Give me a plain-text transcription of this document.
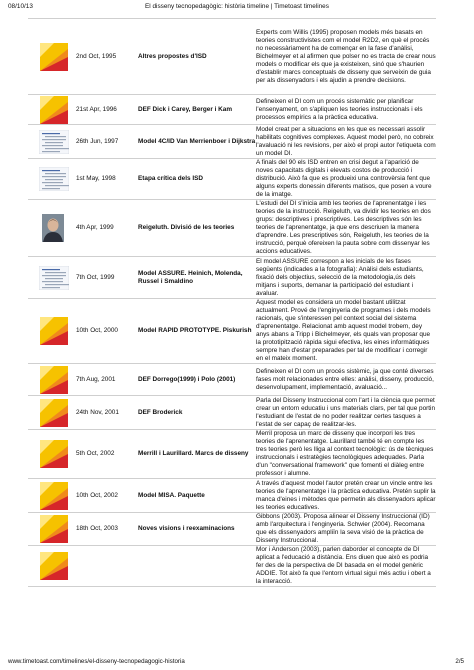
08/10/13	El disseny tecnopedagògic: història timeline | Timetoast timelines
	2nd Oct, 1995	Altres propostes d'ISD	Experts com Willis (1995) proposen models més basats en teories constructivistes com el model R2D2, en què el procés no necessàriament ha de començar en la fase d'anàlisi, Bichelmeyer et al afirmen que polser no es tracta de crear nous models o modificar els que ja existeixen, sinó que s'haurien d'establir marcs conceptuals de disseny que serveixin de guia per als dissenyadors i els ajudin a prendre decisions.

	21st Apr, 1996	DEF Dick i Carey, Berger i Kam	Defineixen el DI com un procés sistemàtic per planificar l'ensenyament, on s'apliquen les teories instruccionals i els processos empírics a la pràctica educativa.

	26th Jun, 1997	Model 4C/ID Van Merrienboer i Dijkstra	Model creat per a situacions en les que es necessari assolir habilitats cognitives complexes. Aquest model però, no cobreix l'avaluació ni les revisions, per això el propi autor l'etiqueta com un model DI.

	1st May, 1998	Etapa crítica dels ISD	A finals del 90 els ISD entren en crisi degut a l'aparició de noves capacitats digitals i elevats costos de producció i distribució. Això fa que es produeixi una controvèrsia fent que alguns experts donessin diferents matisos, que posen a voure de la imatge.

	4th Apr, 1999	Reigeluth. Divisió de les teories	L'estudi del DI s'inicia amb les teories de l'aprenentatge i les teories de la instrucció. Reigeluth, va dividir les teories en dos grups: descriptives i prescriptives. Les descriptives són les teories de l'aprenentatge, ja que ens descriuen la manera d'aprendre. Les prescriptives són, Reigeluth, les teories de la instrucció, perquè ofereixen la pauta sobre com dissenyar les accions educatives.

	7th Oct, 1999	Model ASSURE. Heinich, Molenda, Russel i Smaldino	El model ASSURE correspon a les inicials de les fases següents (indicades a la fotografia): Anàlisi dels estudiants, fixació dels objectius, selecció de la metodologia,ús dels mitjans i suports, demanar la participació del estudiant i avaluar.

	10th Oct, 2000	Model RAPID PROTOTYPE. Piskurish	Aquest model es considera un model bastant utilitzat actualment. Prové de l'enginyeria de programes i dels models racionals, que s'interessen pel context social del sistema d'aprenentatge. Relacionat amb aquest model trobem, dey anys abans a Tripp i Bichelmeyer, els quals van proposar que la prototipització ràpida sigui efectiva, les eines informàtiques sempre han d'estar preparades per tal de modificar i corregir en el mateix moment.

	7th Aug, 2001	DEF Dorrego(1999) i Polo (2001)	Defineixen el DI com un procés sistèmic, ja que conté diverses fases molt relacionades entre elles: anàlisi, disseny, producció, desenvolupament, implementació, avaluació...

	24th Nov, 2001	DEF Broderick	Parla del Disseny Instruccional com l'art i la ciència que permet crear un entorn educatiu i uns materials clars, per tal que portin l'estudiant de l'estat de no poder realitzar certes tasques a l'estat de ser capaç de realitzar-les.

	5th Oct, 2002	Merrill i Laurillard. Marcs de disseny	Merril proposa un marc de disseny que incorpori les tres teories de l'aprenentatge. Laurillard també té en compte les tres teories però les lliga al context tecnològic: ús de tècniques instruccionals i estratègies tecnològiques adequades. Parla d'un "conversational framework" que fomenti el diàleg entre professor i alumne.

	10th Oct, 2002	Model MISA. Paquette	A través d'aquest model l'autor pretén crear un vincle entre les teories de l'aprenentatge i la pràctica educativa. Pretén suplir la manca d'eines i mètodes que permetin als dissenyadors aplicar les teories educatives.

	18th Oct, 2003	Noves visions i reexaminacions	Gibbons (2003). Proposa alinear el Disseny Instruccional (ID) amb l'arquitectura i l'enginyeria. Schwier (2004). Recomana que els dissenyadors ampliïn la seva visió de la pràctica de Disseny Instruccional.

			Mor i Anderson (2003), parlen daborder el concepte de DI aplicat a l'educació a distància. Ens diuen que això es podria fer des de la perspectiva de DI basada en el model genèric ADDIE. Tot això fa que l'entorn virtual sigui més actiu i obert a la interacció.
www.timetoast.com/timelines/el-disseny-tecnopedagogic-historia	2/5
